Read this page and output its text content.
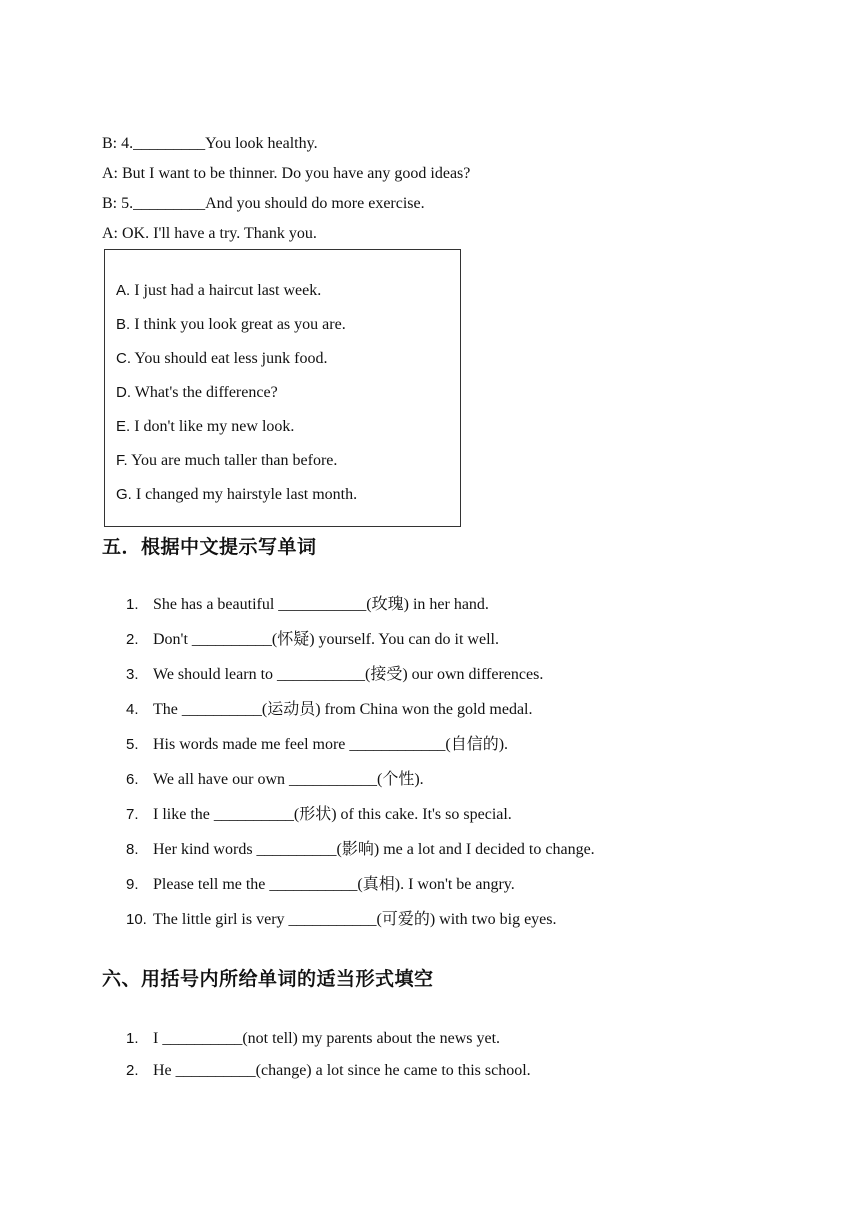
B: 4._________You look healthy.
A: But I want to be thinner. Do you have any good ideas?
B: 5._________And you should do more exercise.
A: OK. I'll have a try. Thank you.
A. I just had a haircut last week.
B. I think you look great as you are.
C. You should eat less junk food.
D. What's the difference?
E. I don't like my new look.
F. You are much taller than before.
G. I changed my hairstyle last month.
五．根据中文提示写单词
1. She has a beautiful ___________(玫瑰) in her hand.
2. Don't __________(怀疑) yourself. You can do it well.
3. We should learn to ___________(接受) our own differences.
4. The __________(运动员) from China won the gold medal.
5. His words made me feel more ____________(自信的).
6. We all have our own ___________(个性).
7. I like the __________(形状) of this cake. It's so special.
8. Her kind words __________(影响) me a lot and I decided to change.
9. Please tell me the ___________(真相). I won't be angry.
10. The little girl is very ___________(可爱的) with two big eyes.
六、用括号内所给单词的适当形式填空
1. I __________(not tell) my parents about the news yet.
2. He __________(change) a lot since he came to this school.
